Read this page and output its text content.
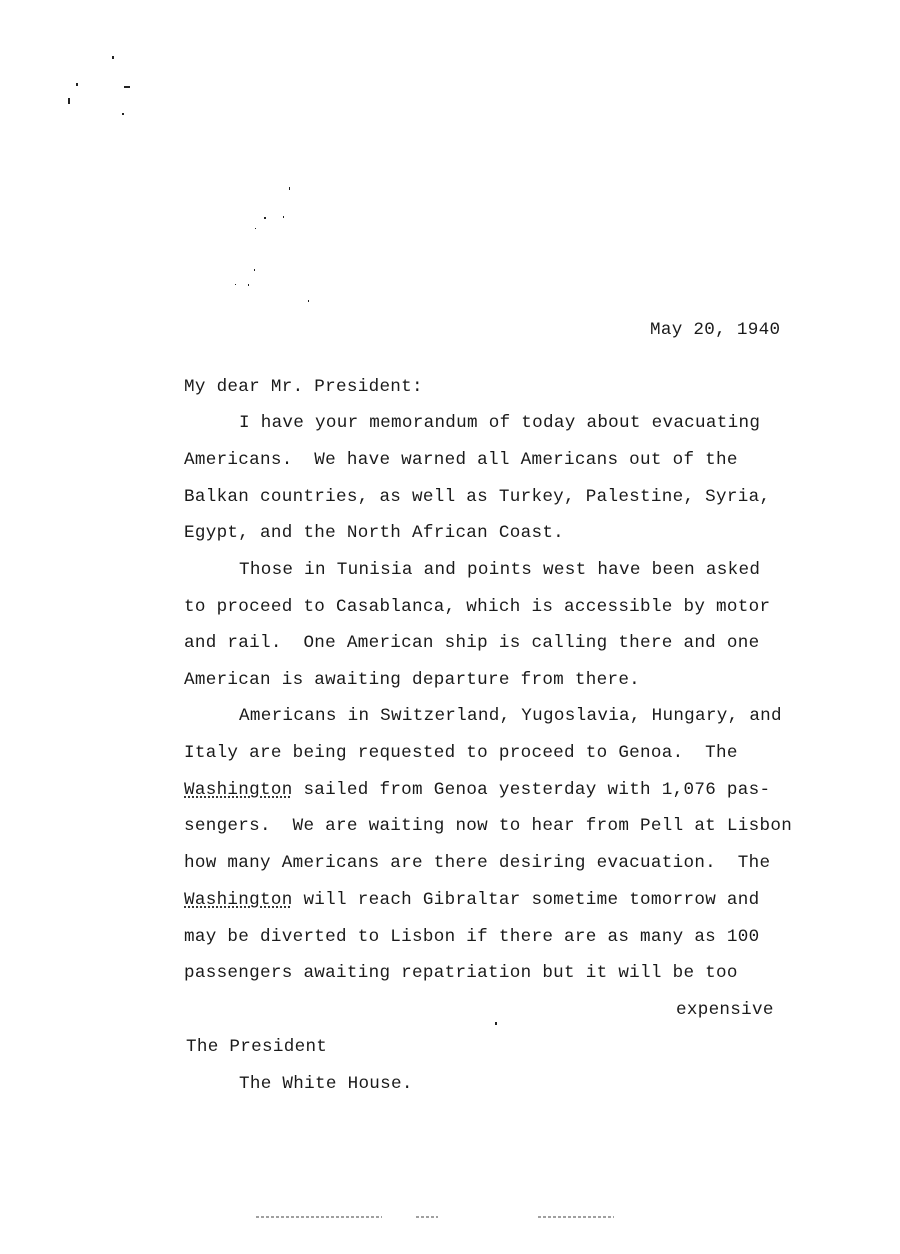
May 20, 1940
My dear Mr. President:
I have your memorandum of today about evacuating
Americans.  We have warned all Americans out of the
Balkan countries, as well as Turkey, Palestine, Syria,
Egypt, and the North African Coast.
Those in Tunisia and points west have been asked
to proceed to Casablanca, which is accessible by motor
and rail.  One American ship is calling there and one
American is awaiting departure from there.
Americans in Switzerland, Yugoslavia, Hungary, and
Italy are being requested to proceed to Genoa.  The
Washington sailed from Genoa yesterday with 1,076 pas-
sengers.  We are waiting now to hear from Pell at Lisbon
how many Americans are there desiring evacuation.  The
Washington will reach Gibraltar sometime tomorrow and
may be diverted to Lisbon if there are as many as 100
passengers awaiting repatriation but it will be too
expensive
The President
The White House.
